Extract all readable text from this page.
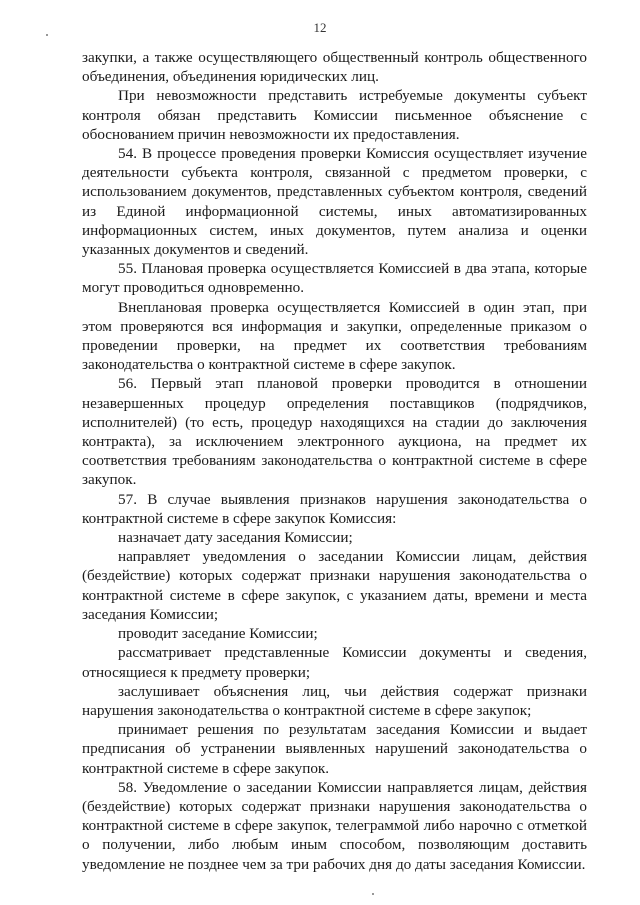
12

закупки, а также осуществляющего общественный контроль общественного объединения, объединения юридических лиц.

При невозможности представить истребуемые документы субъект контроля обязан представить Комиссии письменное объяснение с обоснованием причин невозможности их предоставления.

54. В процессе проведения проверки Комиссия осуществляет изучение деятельности субъекта контроля, связанной с предметом проверки, с использованием документов, представленных субъектом контроля, сведений из Единой информационной системы, иных автоматизированных информационных систем, иных документов, путем анализа и оценки указанных документов и сведений.

55. Плановая проверка осуществляется Комиссией в два этапа, которые могут проводиться одновременно.

Внеплановая проверка осуществляется Комиссией в один этап, при этом проверяются вся информация и закупки, определенные приказом о проведении проверки, на предмет их соответствия требованиям законодательства о контрактной системе в сфере закупок.

56. Первый этап плановой проверки проводится в отношении незавершенных процедур определения поставщиков (подрядчиков, исполнителей) (то есть, процедур находящихся на стадии до заключения контракта), за исключением электронного аукциона, на предмет их соответствия требованиям законодательства о контрактной системе в сфере закупок.

57. В случае выявления признаков нарушения законодательства о контрактной системе в сфере закупок Комиссия:

назначает дату заседания Комиссии;

направляет уведомления о заседании Комиссии лицам, действия (бездействие) которых содержат признаки нарушения законодательства о контрактной системе в сфере закупок, с указанием даты, времени и места заседания Комиссии;

проводит заседание Комиссии;

рассматривает представленные Комиссии документы и сведения, относящиеся к предмету проверки;

заслушивает объяснения лиц, чьи действия содержат признаки нарушения законодательства о контрактной системе в сфере закупок;

принимает решения по результатам заседания Комиссии и выдает предписания об устранении выявленных нарушений законодательства о контрактной системе в сфере закупок.

58. Уведомление о заседании Комиссии направляется лицам, действия (бездействие) которых содержат признаки нарушения законодательства о контрактной системе в сфере закупок, телеграммой либо нарочно с отметкой о получении, либо любым иным способом, позволяющим доставить уведомление не позднее чем за три рабочих дня до даты заседания Комиссии.
